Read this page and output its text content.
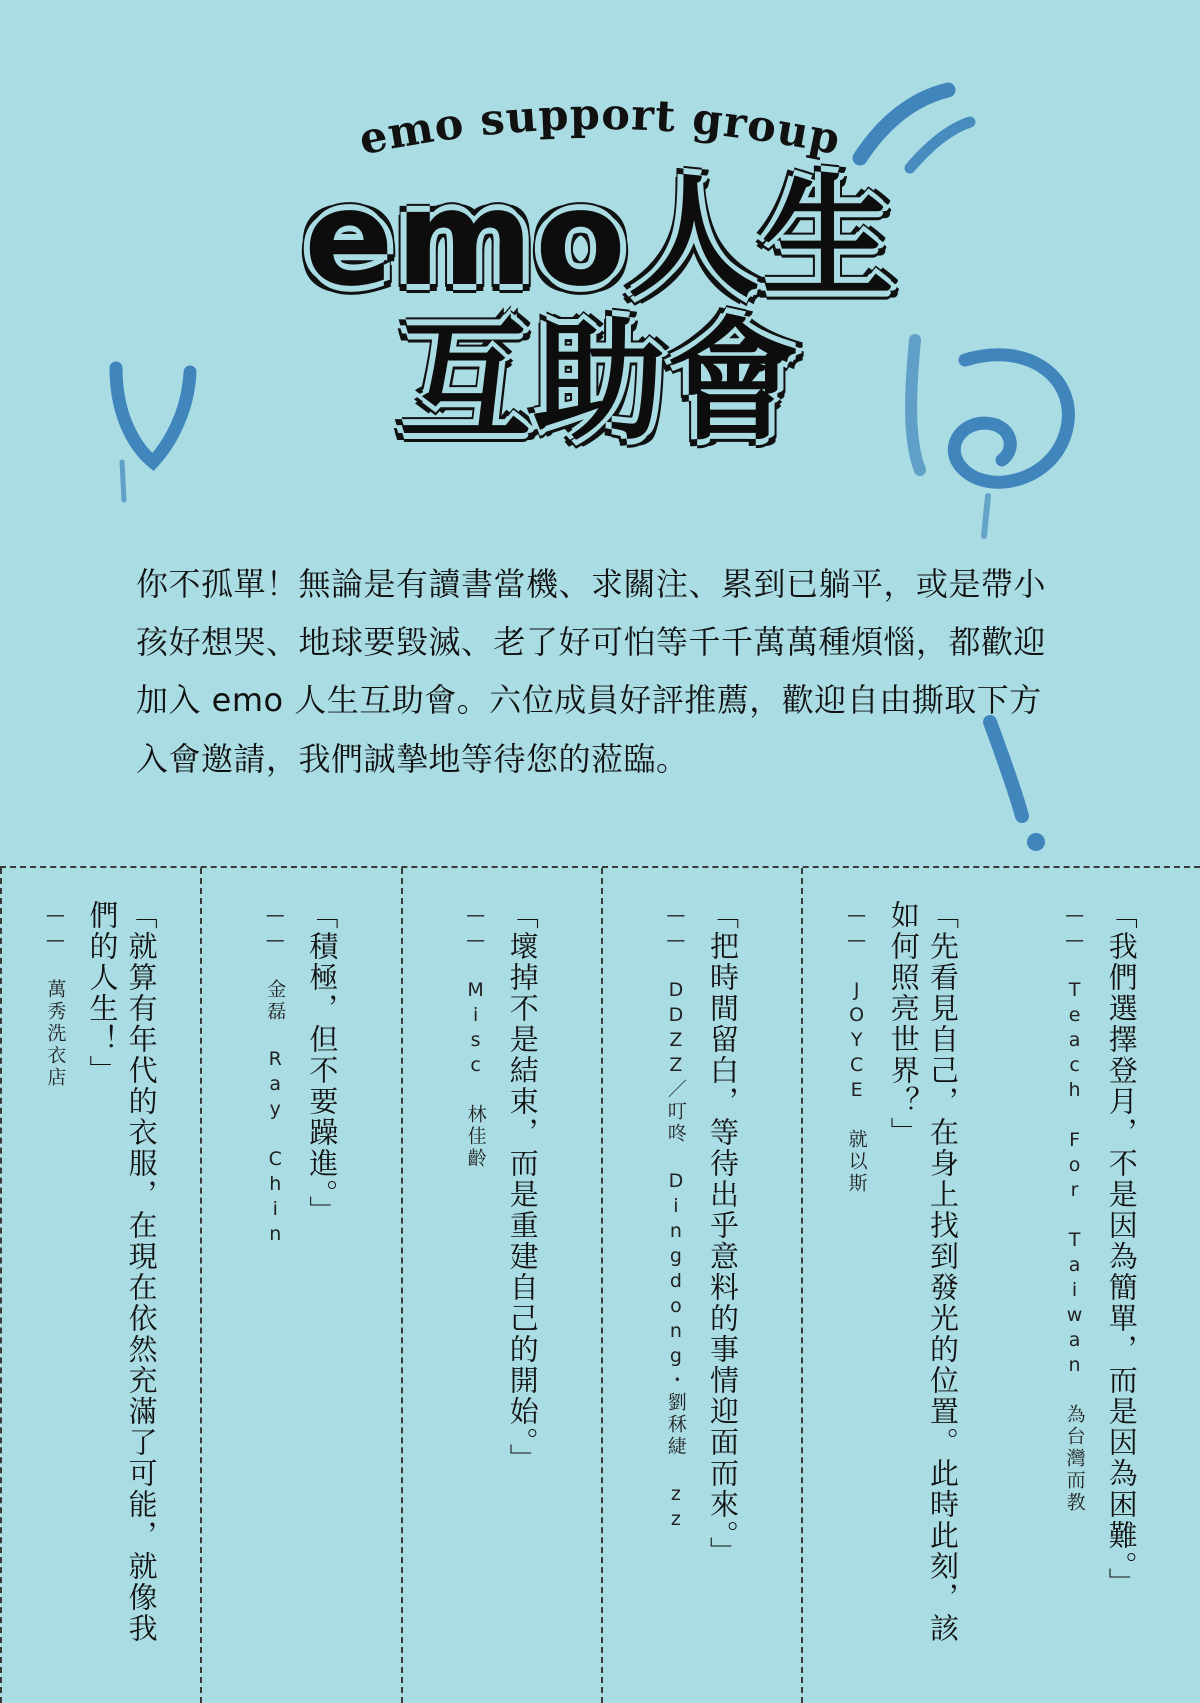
emo support group
emo人生
互助會
你不孤單！無論是有讀書當機、求關注、累到已躺平，或是帶小孩好想哭、地球要毀滅、老了好可怕等千千萬萬種煩惱，都歡迎加入 emo 人生互助會。六位成員好評推薦，歡迎自由撕取下方入會邀請，我們誠摯地等待您的蒞臨。
—— Teach For Taiwan 為台灣而教 「我們選擇登月，不是因為簡單，而是因為困難。」
—— JOYCE 就以斯	「先看見自己，在身上找到發光的位置。此時此刻，該如何照亮世界？」
—— DDZZ／叮咚 Dingdong・劉秝緁 zz 「把時間留白，等待出乎意料的事情迎面而來。」
—— Misc 林佳齡 「壞掉不是結束，而是重建自己的開始。」
—— 金磊 Ray Chin 「積極，但不要躁進。」
—— 萬秀洗衣店	「就算有年代的衣服，在現在依然充滿了可能，就像我們的人生！」
